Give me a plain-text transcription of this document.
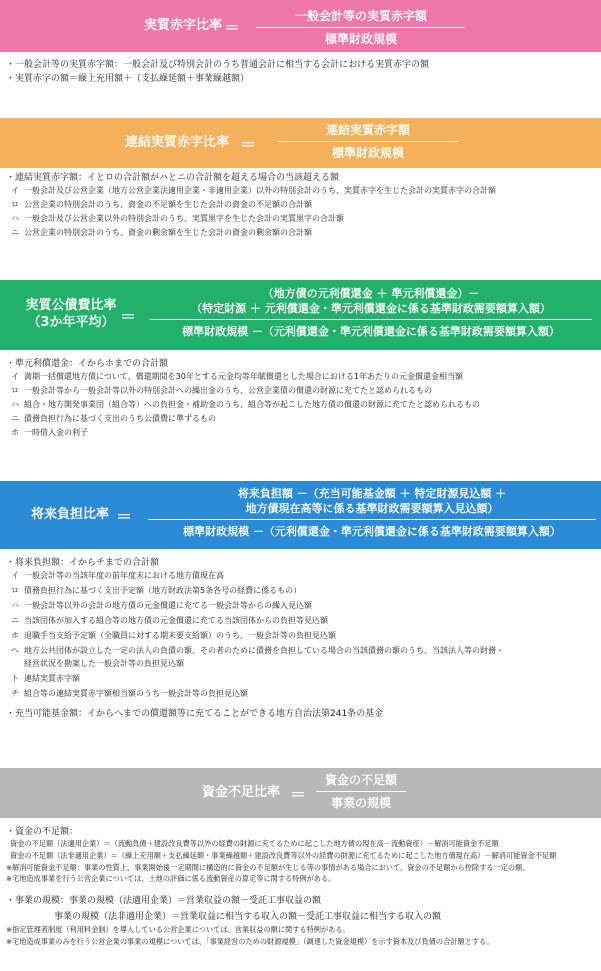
実質赤字比率 ＝ $\frac{\text{一般会計等の実質赤字額}}{\text{標準財政規模}}$
・一般会計等の実質赤字額：一般会計及び特別会計のうち普通会計に相当する会計における実質赤字の額
・実質赤字の額＝繰上充用額＋（支払繰延額＋事業繰越額）
連結実質赤字比率 ＝ $\frac{\text{連結実質赤字額}}{\text{標準財政規模}}$
・連結実質赤字額：イとロの合計額がハとニの合計額を超える場合の当該超える額
イ 一般会計及び公営企業（地方公営企業法適用企業・非適用企業）以外の特別会計のうち、実質赤字を生じた会計の実質赤字の合計額
ロ 公営企業の特別会計のうち、資金の不足額を生じた会計の資金の不足額の合計額
ハ 一般会計及び公営企業以外の特別会計のうち、実質黒字を生じた会計の実質黒字の合計額
ニ 公営企業の特別会計のうち、資金の剰余額を生じた会計の資金の剰余額の合計額
実質公債費比率
（3か年平均） ＝
（地方債の元利償還金 ＋ 準元利償還金）－
（特定財源 ＋ 元利償還金・準元利償還金に係る基準財政需要額算入額）
標準財政規模 －（元利償還金・準元利償還金に係る基準財政需要額算入額）
・準元利償還金：イからホまでの合計額
イ 満期一括償還地方債について、償還期間を30年とする元金均等年賦償還とした場合における1年あたりの元金償還金相当額
ロ 一般会計等から一般会計等以外の特別会計への繰出金のうち、公営企業債の償還の財源に充てたと認められるもの
ハ 組合・地方開発事業団（組合等）への負担金・補助金のうち、組合等が起こした地方債の償還の財源に充てたと認められるもの
ニ 債務負担行為に基づく支出のうち公債費に準ずるもの
ホ 一時借入金の利子
将来負担比率 ＝ 将来負担額 －（充当可能基金額 ＋ 特定財源見込額 ＋
地方債現在高等に係る基準財政需要額算入見込額）
標準財政規模 －（元利償還金・準元利償還金に係る基準財政需要額算入額）
・将来負担額：イからチまでの合計額
イ 一般会計等の当該年度の前年度末における地方債現在高
ロ 債務負担行為に基づく支出予定額（地方財政法第5条各号の経費に係るもの）
ハ 一般会計等以外の会計の地方債の元金償還に充てる一般会計等からの繰入見込額
ニ 当該団体が加入する組合等の地方債の元金償還に充てる当該団体からの負担等見込額
ホ 退職手当支給予定額（全職員に対する期末要支給額）のうち、一般会計等の負担見込額
ヘ 地方公共団体が設立した一定の法人の負債の額、その者のために債務を負担している場合の当該債務の額のうち、当該法人等の財務・
経営状況を勘案した一般会計等の負担見込額
ト 連結実質赤字額
チ 組合等の連結実質赤字額相当額のうち一般会計等の負担見込額
・充当可能基金額：イからヘまでの償還額等に充てることができる地方自治法第241条の基金
資金不足比率 ＝ $\frac{\text{資金の不足額}}{\text{事業の規模}}$
・資金の不足額：
資金の不足額（法適用企業）＝（流動負債＋建設改良費等以外の経費の財源に充てるために起こした地方債の現在高－流動資産）－解消可能資金不足額
資金の不足額（法非適用企業）＝（繰上充用額＋支払繰延額・事業繰越額＋建設改良費等以外の経費の財源に充てるために起こした地方債現在高）－解消可能資金不足額
※解消可能資金不足額：事業の性質上、事業開始後一定期間に構造的に資金の不足額が生じる等の事情がある場合において、資金の不足額から控除する一定の額。
※宅地造成事業を行う公営企業については、土地の評価に係る流動資産の算定等に関する特例がある。
・事業の規模：事業の規模（法適用企業）＝営業収益の額－受託工事収益の額
事業の規模（法非適用企業）＝営業収益に相当する収入の額－受託工事収益に相当する収入の額
※指定管理者制度（利用料金制）を導入している公営企業については、営業収益の額に関する特例がある。
※宅地造成事業のみを行う公営企業の事業の規模については、「事業経営のための財源規模」（調達した資金規模）を示す資本及び負債の合計額とする。
